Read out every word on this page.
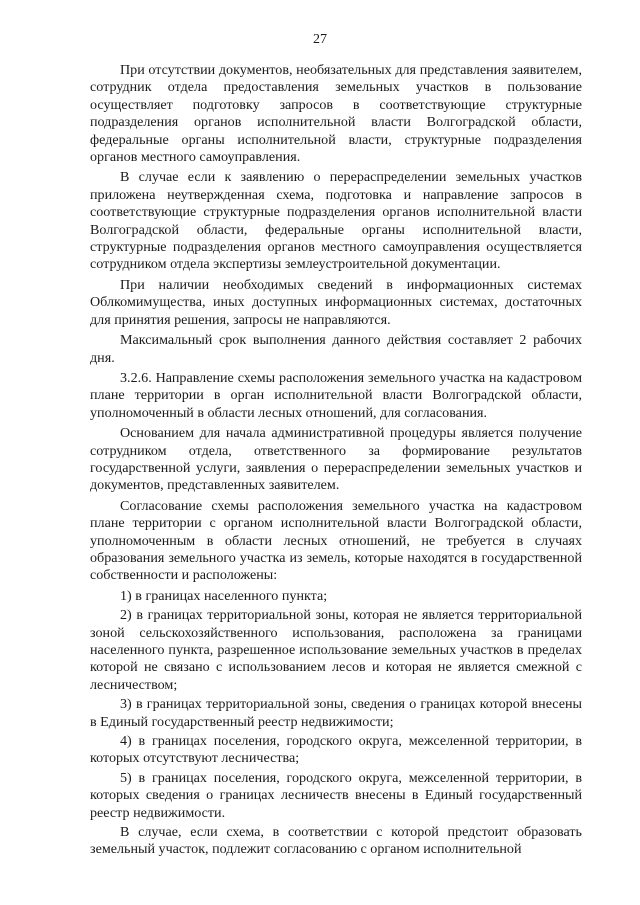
27

При отсутствии документов, необязательных для представления заявителем, сотрудник отдела предоставления земельных участков в пользование осуществляет подготовку запросов в соответствующие структурные подразделения органов исполнительной власти Волгоградской области, федеральные органы исполнительной власти, структурные подразделения органов местного самоуправления.

В случае если к заявлению о перераспределении земельных участков приложена неутвержденная схема, подготовка и направление запросов в соответствующие структурные подразделения органов исполнительной власти Волгоградской области, федеральные органы исполнительной власти, структурные подразделения органов местного самоуправления осуществляется сотрудником отдела экспертизы землеустроительной документации.

При наличии необходимых сведений в информационных системах Облкомимущества, иных доступных информационных системах, достаточных для принятия решения, запросы не направляются.

Максимальный срок выполнения данного действия составляет 2 рабочих дня.

3.2.6. Направление схемы расположения земельного участка на кадастровом плане территории в орган исполнительной власти Волгоградской области, уполномоченный в области лесных отношений, для согласования.

Основанием для начала административной процедуры является получение сотрудником отдела, ответственного за формирование результатов государственной услуги, заявления о перераспределении земельных участков и документов, представленных заявителем.

Согласование схемы расположения земельного участка на кадастровом плане территории с органом исполнительной власти Волгоградской области, уполномоченным в области лесных отношений, не требуется в случаях образования земельного участка из земель, которые находятся в государственной собственности и расположены:

1) в границах населенного пункта;

2) в границах территориальной зоны, которая не является территориальной зоной сельскохозяйственного использования, расположена за границами населенного пункта, разрешенное использование земельных участков в пределах которой не связано с использованием лесов и которая не является смежной с лесничеством;

3) в границах территориальной зоны, сведения о границах которой внесены в Единый государственный реестр недвижимости;

4) в границах поселения, городского округа, межселенной территории, в которых отсутствуют лесничества;

5) в границах поселения, городского округа, межселенной территории, в которых сведения о границах лесничеств внесены в Единый государственный реестр недвижимости.

В случае, если схема, в соответствии с которой предстоит образовать земельный участок, подлежит согласованию с органом исполнительной
